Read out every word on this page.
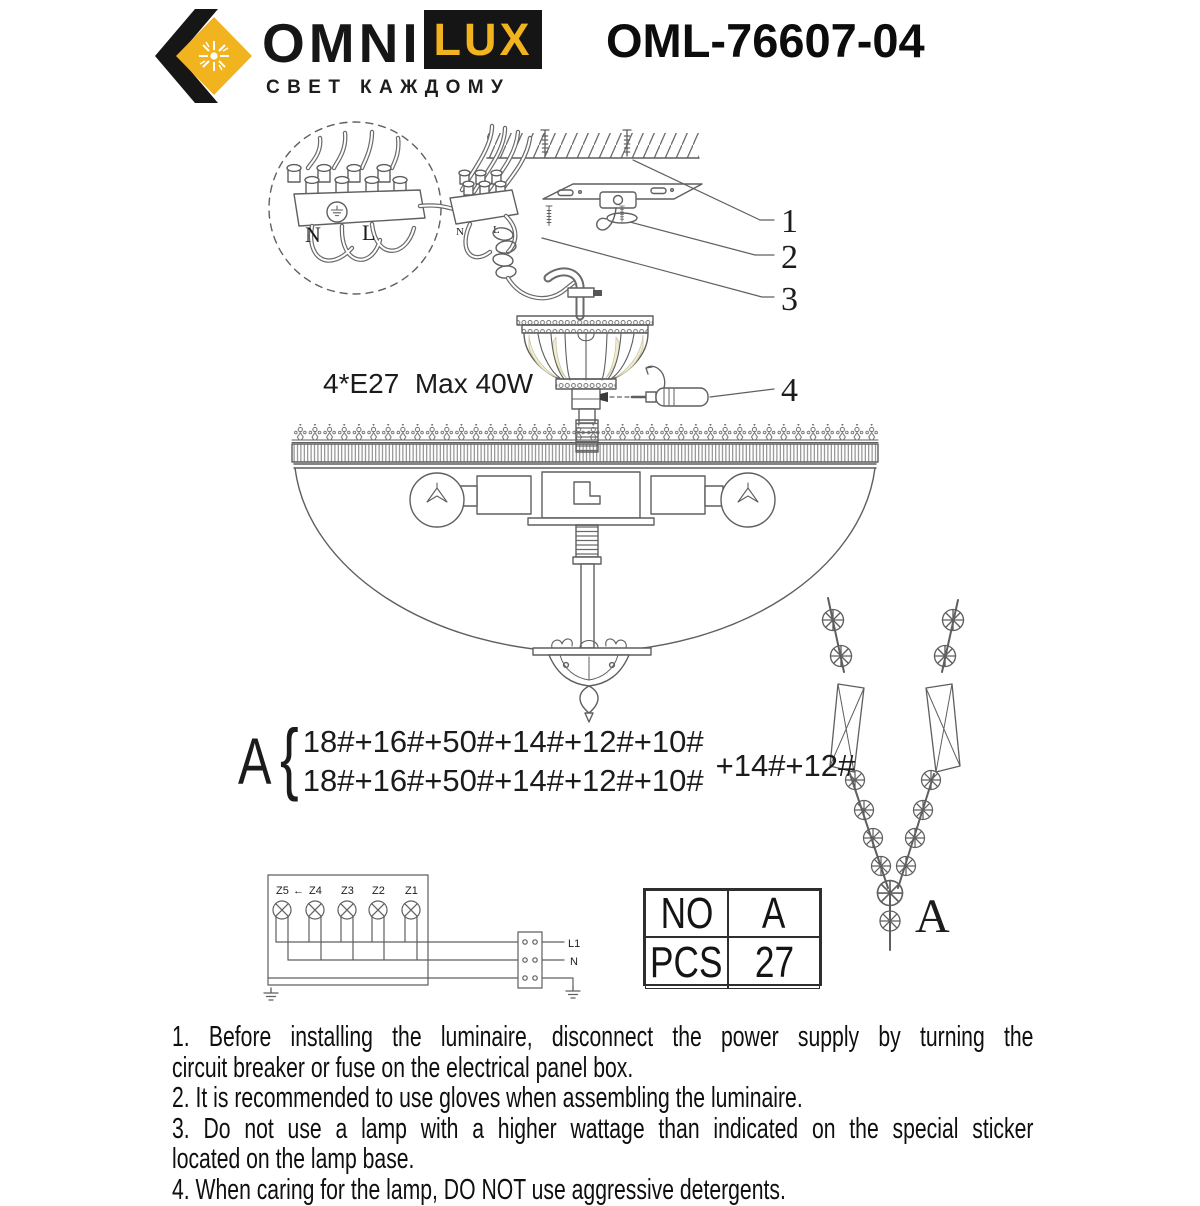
OMNI LUX
СВЕТ КАЖДОМУ
OML-76607-04
N L	N	L	1
2
3
4
A
Z5 ← Z4 Z3 Z2 Z1
L1
N
4*E27  Max 40W
A { 18#+16#+50#+14#+12#+10#
18#+16#+50#+14#+12#+10# +14#+12#
NO A
PCS 27
1. Before installing the luminaire, disconnect the power supply by turning the
circuit breaker or fuse on the electrical panel box.
2. It is recommended to use gloves when assembling the luminaire.
3. Do not use a lamp with a higher wattage than indicated on the special sticker
located on the lamp base.
4. When caring for the lamp, DO NOT use aggressive detergents.
